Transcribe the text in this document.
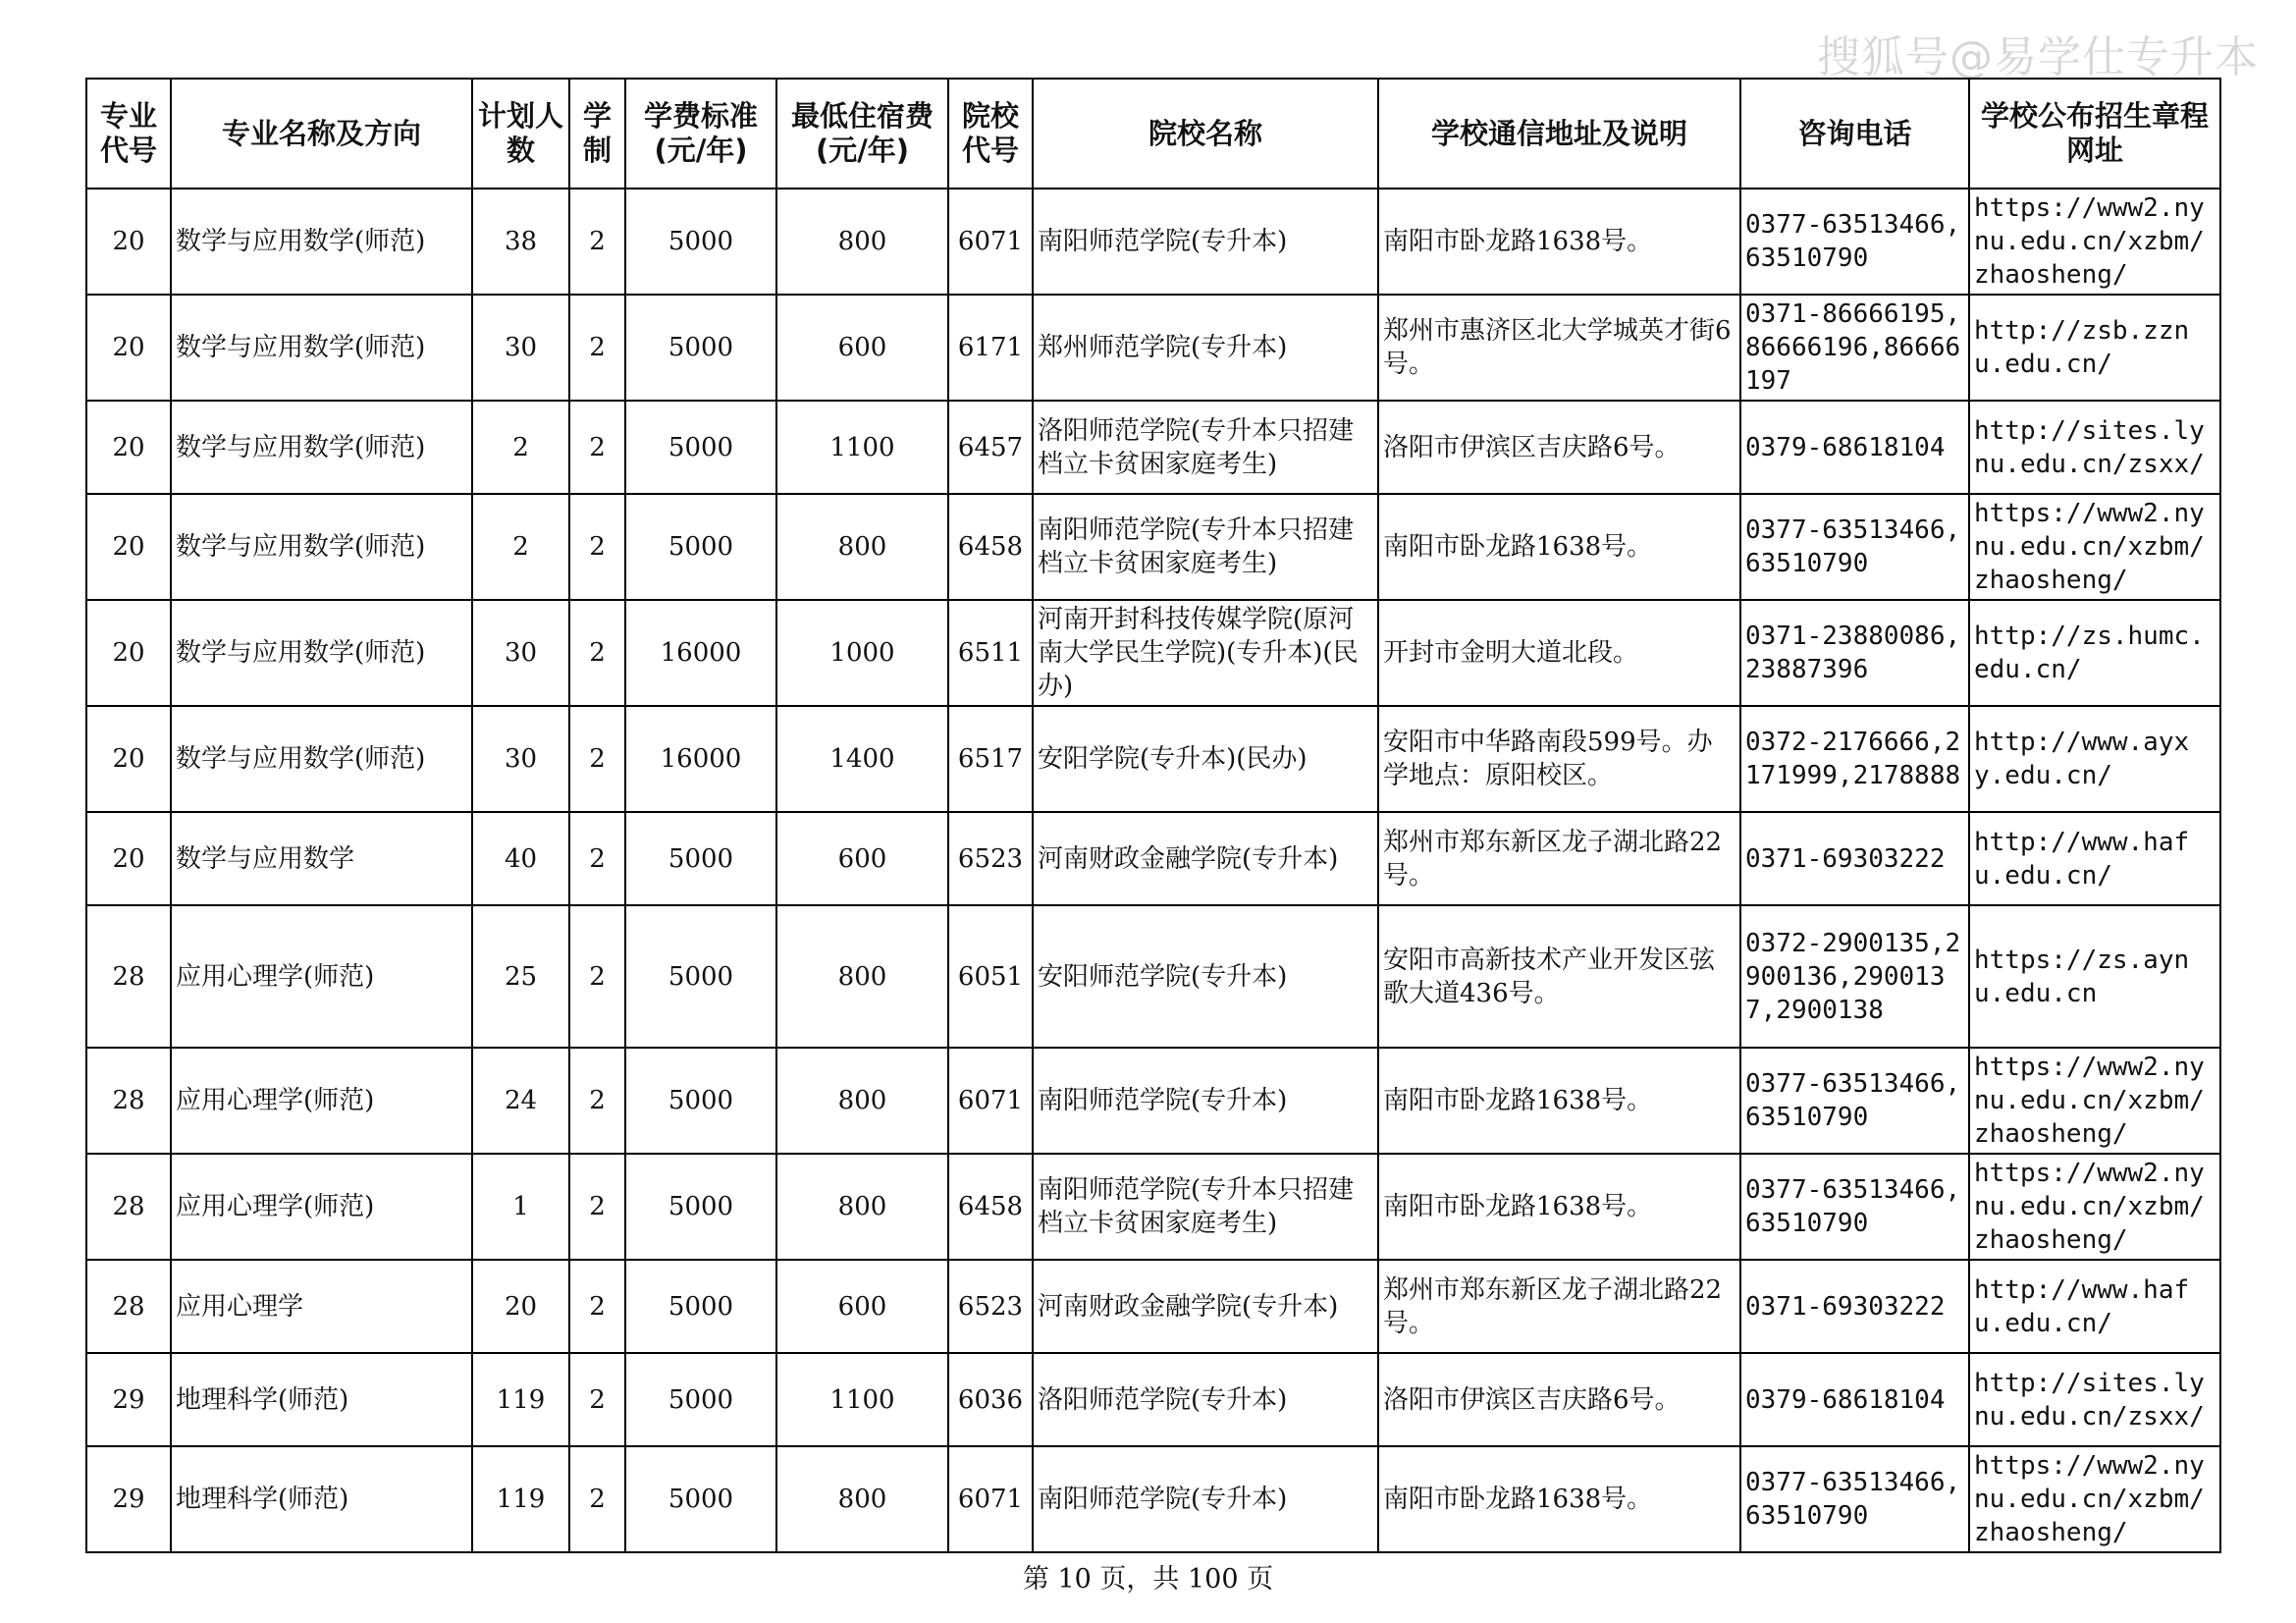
搜狐号@易学仕专升本
专业代号	专业名称及方向	计划人数	学制	学费标准(元/年)	最低住宿费(元/年)	院校代号	院校名称	学校通信地址及说明	咨询电话	学校公布招生章程网址
20	数学与应用数学(师范)	38	2	5000	800	6071	南阳师范学院(专升本)	南阳市卧龙路1638号。	0377-63513466,63510790	https://www2.nynu.edu.cn/xzbm/zhaosheng/
20	数学与应用数学(师范)	30	2	5000	600	6171	郑州师范学院(专升本)	郑州市惠济区北大学城英才街6号。	0371-86666195,86666196,86666197	http://zsb.zznu.edu.cn/
20	数学与应用数学(师范)	2	2	5000	1100	6457	洛阳师范学院(专升本只招建档立卡贫困家庭考生)	洛阳市伊滨区吉庆路6号。	0379-68618104	http://sites.lynu.edu.cn/zsxx/
20	数学与应用数学(师范)	2	2	5000	800	6458	南阳师范学院(专升本只招建档立卡贫困家庭考生)	南阳市卧龙路1638号。	0377-63513466,63510790	https://www2.nynu.edu.cn/xzbm/zhaosheng/
20	数学与应用数学(师范)	30	2	16000	1000	6511	河南开封科技传媒学院(原河南大学民生学院)(专升本)(民办)	开封市金明大道北段。	0371-23880086,23887396	http://zs.humc.edu.cn/
20	数学与应用数学(师范)	30	2	16000	1400	6517	安阳学院(专升本)(民办)	安阳市中华路南段599号。办学地点：原阳校区。	0372-2176666,2171999,2178888	http://www.ayxy.edu.cn/
20	数学与应用数学	40	2	5000	600	6523	河南财政金融学院(专升本)	郑州市郑东新区龙子湖北路22号。	0371-69303222	http://www.hafu.edu.cn/
28	应用心理学(师范)	25	2	5000	800	6051	安阳师范学院(专升本)	安阳市高新技术产业开发区弦歌大道436号。	0372-2900135,2900136,2900137,2900138	https://zs.aynu.edu.cn
28	应用心理学(师范)	24	2	5000	800	6071	南阳师范学院(专升本)	南阳市卧龙路1638号。	0377-63513466,63510790	https://www2.nynu.edu.cn/xzbm/zhaosheng/
28	应用心理学(师范)	1	2	5000	800	6458	南阳师范学院(专升本只招建档立卡贫困家庭考生)	南阳市卧龙路1638号。	0377-63513466,63510790	https://www2.nynu.edu.cn/xzbm/zhaosheng/
28	应用心理学	20	2	5000	600	6523	河南财政金融学院(专升本)	郑州市郑东新区龙子湖北路22号。	0371-69303222	http://www.hafu.edu.cn/
29	地理科学(师范)	119	2	5000	1100	6036	洛阳师范学院(专升本)	洛阳市伊滨区吉庆路6号。	0379-68618104	http://sites.lynu.edu.cn/zsxx/
29	地理科学(师范)	119	2	5000	800	6071	南阳师范学院(专升本)	南阳市卧龙路1638号。	0377-63513466,63510790	https://www2.nynu.edu.cn/xzbm/zhaosheng/
第 10 页，共 100 页
